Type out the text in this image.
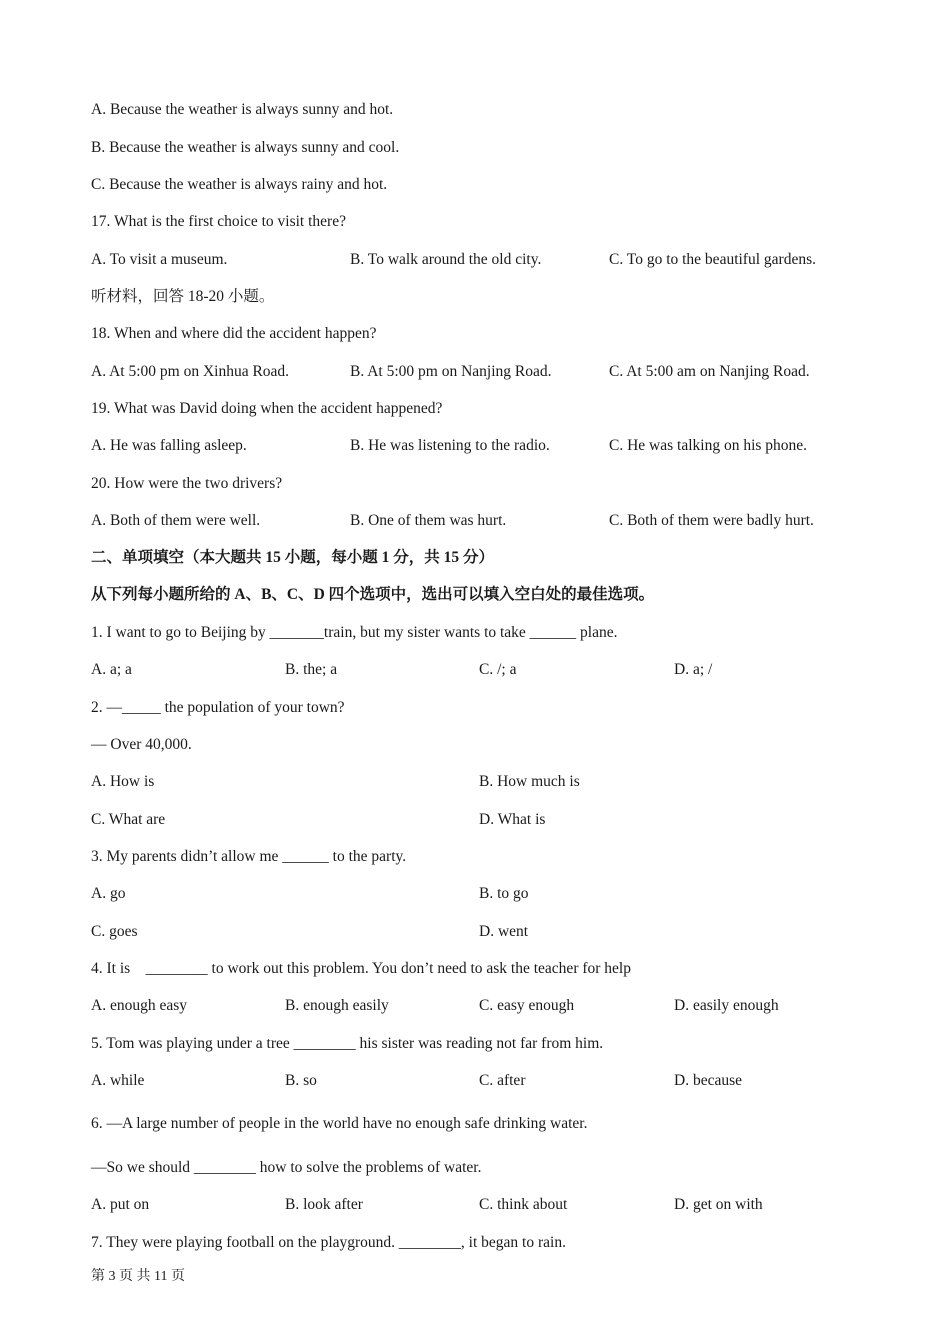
A. Because the weather is always sunny and hot.
B. Because the weather is always sunny and cool.
C. Because the weather is always rainy and hot.
17. What is the first choice to visit there?
A. To visit a museum.	B. To walk around the old city.	C. To go to the beautiful gardens.
听材料，回答 18-20 小题。
18. When and where did the accident happen?
A. At 5:00 pm on Xinhua Road.	B. At 5:00 pm on Nanjing Road.	C. At 5:00 am on Nanjing Road.
19. What was David doing when the accident happened?
A. He was falling asleep.	B. He was listening to the radio.	C. He was talking on his phone.
20. How were the two drivers?
A. Both of them were well.	B. One of them was hurt.	C. Both of them were badly hurt.
二、单项填空（本大题共 15 小题，每小题 1 分，共 15 分）
从下列每小题所给的 A、B、C、D 四个选项中，选出可以填入空白处的最佳选项。
1. I want to go to Beijing by _______train, but my sister wants to take ______ plane.
A. a; a	B. the; a	C. /; a	D. a; /
2. —_____ the population of your town?
— Over 40,000.
A. How is	B. How much is
C. What are	D. What is
3. My parents didn’t allow me ______ to the party.
A. go	B. to go
C. goes	D. went
4. It is    ________ to work out this problem. You don’t need to ask the teacher for help
A. enough easy	B. enough easily	C. easy enough	D. easily enough
5. Tom was playing under a tree ________ his sister was reading not far from him.
A. while	B. so	C. after	D. because
6. —A large number of people in the world have no enough safe drinking water.
—So we should ________ how to solve the problems of water.
A. put on	B. look after	C. think about	D. get on with
7. They were playing football on the playground. ________, it began to rain.
第 3 页 共 11 页
